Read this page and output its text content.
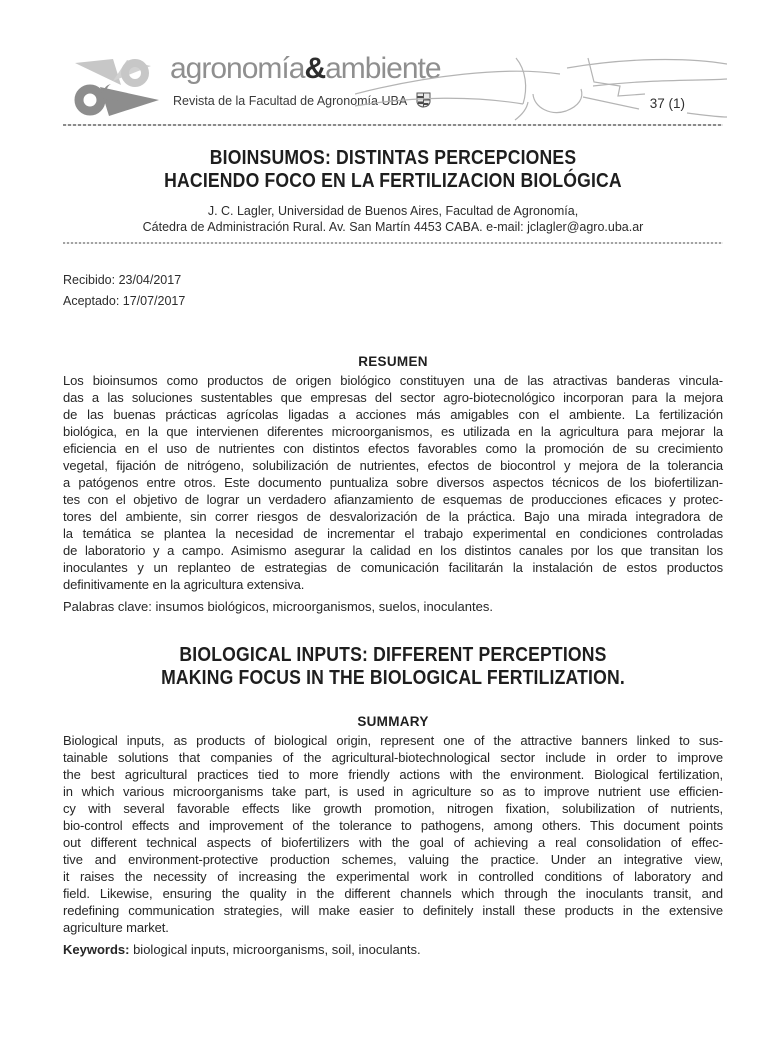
agronomía&ambiente
Revista de la Facultad de Agronomía UBA	37 (1)
BIOINSUMOS: DISTINTAS PERCEPCIONES
HACIENDO FOCO EN LA FERTILIZACION BIOLÓGICA
J. C. Lagler, Universidad de Buenos Aires, Facultad de Agronomía,
Cátedra de Administración Rural. Av. San Martín 4453 CABA. e-mail: jclagler@agro.uba.ar
Recibido: 23/04/2017
Aceptado: 17/07/2017
RESUMEN
Los bioinsumos como productos de origen biológico constituyen una de las atractivas banderas vincula-
das a las soluciones sustentables que empresas del sector agro-biotecnológico incorporan para la mejora
de las buenas prácticas agrícolas ligadas a acciones más amigables con el ambiente. La fertilización
biológica, en la que intervienen diferentes microorganismos, es utilizada en la agricultura para mejorar la
eficiencia en el uso de nutrientes con distintos efectos favorables como la promoción de su crecimiento
vegetal, fijación de nitrógeno, solubilización de nutrientes, efectos de biocontrol y mejora de la tolerancia
a patógenos entre otros. Este documento puntualiza sobre diversos aspectos técnicos de los biofertilizan-
tes con el objetivo de lograr un verdadero afianzamiento de esquemas de producciones eficaces y protec-
tores del ambiente, sin correr riesgos de desvalorización de la práctica. Bajo una mirada integradora de
la temática se plantea la necesidad de incrementar el trabajo experimental en condiciones controladas
de laboratorio y a campo. Asimismo asegurar la calidad en los distintos canales por los que transitan los
inoculantes y un replanteo de estrategias de comunicación facilitarán la instalación de estos productos
definitivamente en la agricultura extensiva.
Palabras clave: insumos biológicos, microorganismos, suelos, inoculantes.
BIOLOGICAL INPUTS: DIFFERENT PERCEPTIONS
MAKING FOCUS IN THE BIOLOGICAL FERTILIZATION.
SUMMARY
Biological inputs, as products of biological origin, represent one of the attractive banners linked to sus-
tainable solutions that companies of the agricultural-biotechnological sector include in order to improve
the best agricultural practices tied to more friendly actions with the environment. Biological fertilization,
in which various microorganisms take part, is used in agriculture so as to improve nutrient use efficien-
cy with several favorable effects like growth promotion, nitrogen fixation, solubilization of nutrients,
bio-control effects and improvement of the tolerance to pathogens, among others. This document points
out different technical aspects of biofertilizers with the goal of achieving a real consolidation of effec-
tive and environment-protective production schemes, valuing the practice. Under an integrative view,
it raises the necessity of increasing the experimental work in controlled conditions of laboratory and
field. Likewise, ensuring the quality in the different channels which through the inoculants transit, and
redefining communication strategies, will make easier to definitely install these products in the extensive
agriculture market.
Keywords: biological inputs, microorganisms, soil, inoculants.
